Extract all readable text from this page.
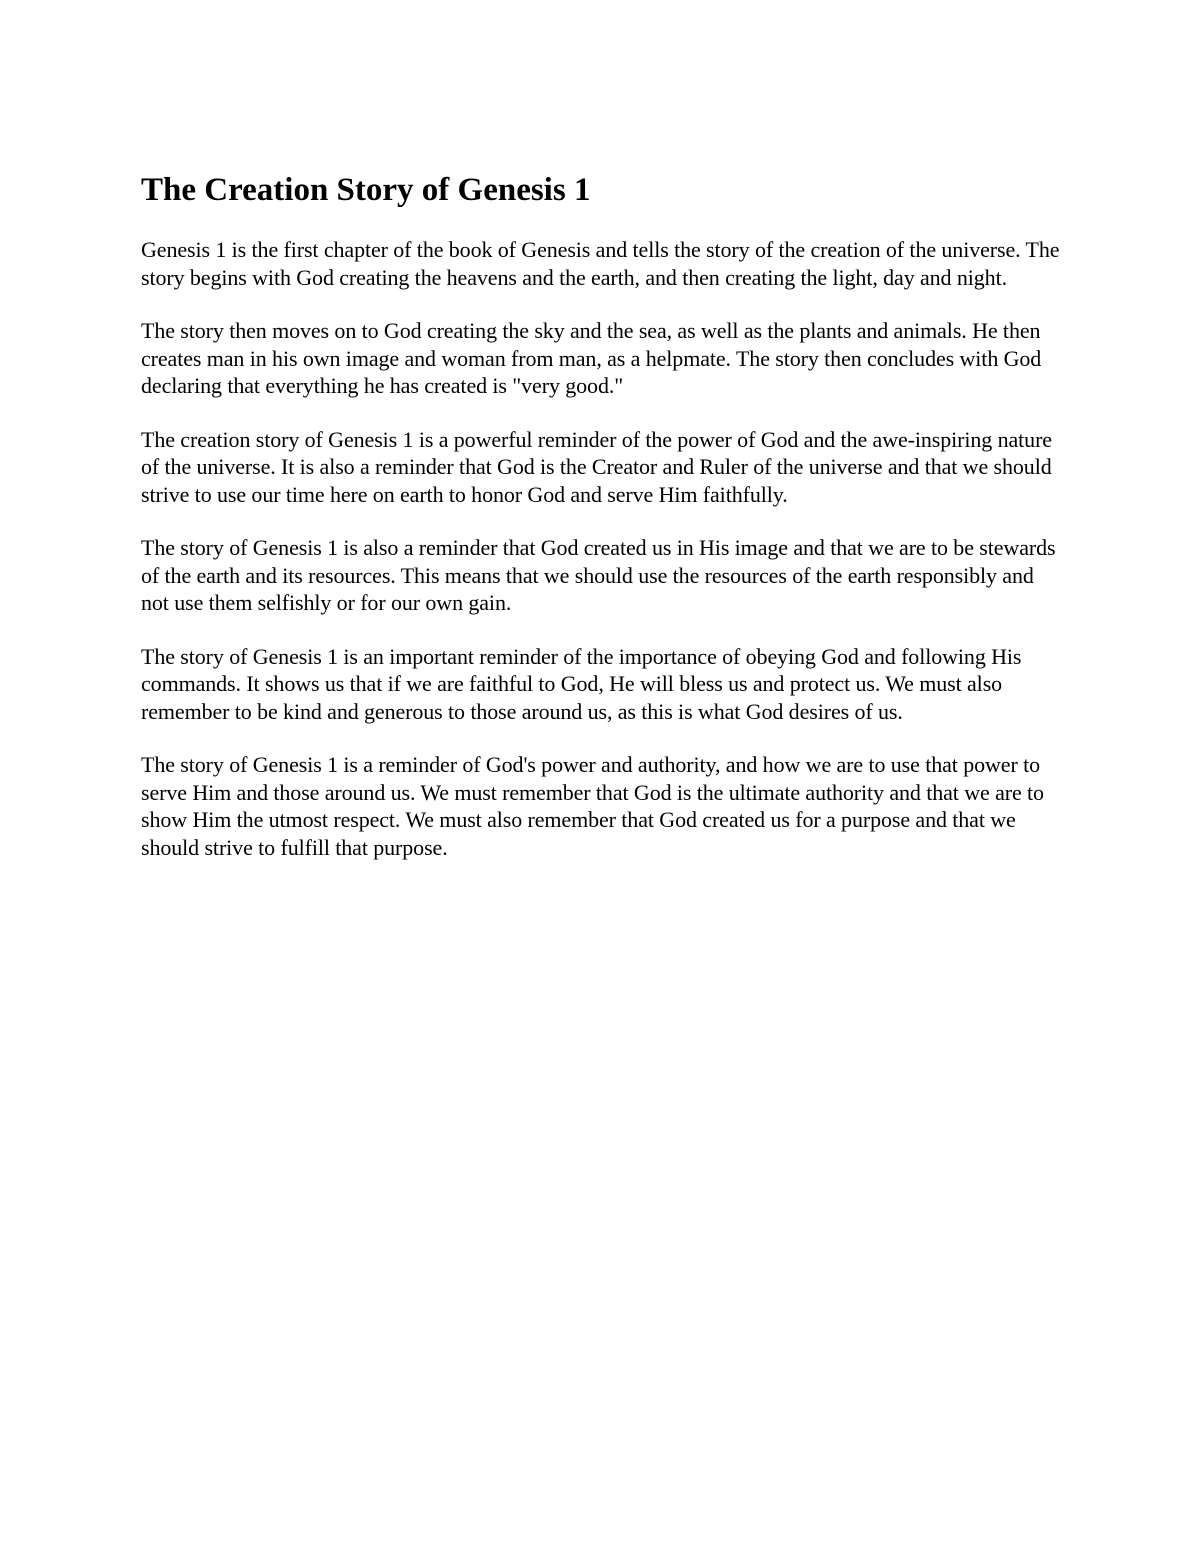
The Creation Story of Genesis 1

Genesis 1 is the first chapter of the book of Genesis and tells the story of the creation of the universe. The story begins with God creating the heavens and the earth, and then creating the light, day and night.

The story then moves on to God creating the sky and the sea, as well as the plants and animals. He then creates man in his own image and woman from man, as a helpmate. The story then concludes with God declaring that everything he has created is "very good."

The creation story of Genesis 1 is a powerful reminder of the power of God and the awe-inspiring nature of the universe. It is also a reminder that God is the Creator and Ruler of the universe and that we should strive to use our time here on earth to honor God and serve Him faithfully.

The story of Genesis 1 is also a reminder that God created us in His image and that we are to be stewards of the earth and its resources. This means that we should use the resources of the earth responsibly and not use them selfishly or for our own gain.

The story of Genesis 1 is an important reminder of the importance of obeying God and following His commands. It shows us that if we are faithful to God, He will bless us and protect us. We must also remember to be kind and generous to those around us, as this is what God desires of us.

The story of Genesis 1 is a reminder of God's power and authority, and how we are to use that power to serve Him and those around us. We must remember that God is the ultimate authority and that we are to show Him the utmost respect. We must also remember that God created us for a purpose and that we should strive to fulfill that purpose.
